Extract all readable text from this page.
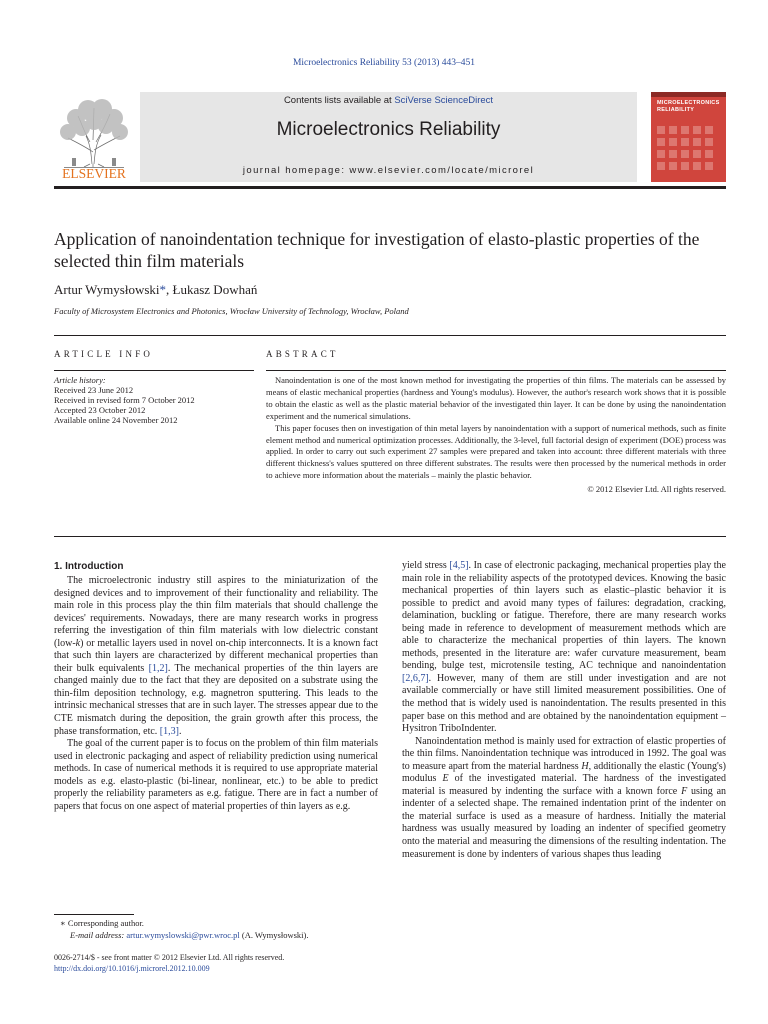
Microelectronics Reliability 53 (2013) 443–451
ELSEVIER
Contents lists available at SciVerse ScienceDirect
Microelectronics Reliability
journal homepage: www.elsevier.com/locate/microrel
MICROELECTRONICS
RELIABILITY
Application of nanoindentation technique for investigation of elasto-plastic properties of the selected thin film materials
Artur Wymysłowski*, Łukasz Dowhań
Faculty of Microsystem Electronics and Photonics, Wrocław University of Technology, Wrocław, Poland
ARTICLE INFO	ABSTRACT
Article history:
Received 23 June 2012
Received in revised form 7 October 2012
Accepted 23 October 2012
Available online 24 November 2012

Nanoindentation is one of the most known method for investigating the properties of thin films. The materials can be assessed by means of elastic mechanical properties (hardness and Young's modulus). However, the author's research work shows that it is possible to obtain the elastic as well as the plastic material behavior of the investigated thin layer. It can be done by using the nanoindentation experiment and the numerical simulations.

This paper focuses then on investigation of thin metal layers by nanoindentation with a support of numerical methods, such as finite element method and numerical optimization processes. Additionally, the 3-level, full factorial design of experiment (DOE) process was applied. In order to carry out such experiment 27 samples were prepared and taken into account: three different materials with three different thickness's values sputtered on three different substrates. The results were then processed by the numerical methods in order to achieve more information about the materials – mainly the plastic behavior.

© 2012 Elsevier Ltd. All rights reserved.
1. Introduction

The microelectronic industry still aspires to the miniaturization of the designed devices and to improvement of their functionality and reliability. The main role in this process play the thin film materials that should challenge the devices' requirements. Nowadays, there are many research works in progress referring the investigation of thin film materials with low dielectric constant (low-k) or metallic layers used in novel on-chip interconnects. It is a known fact that such thin layers are characterized by different mechanical properties than their bulk equivalents [1,2]. The mechanical properties of the thin layers are changed mainly due to the fact that they are deposited on a substrate using the thin-film deposition technology, e.g. magnetron sputtering. This leads to the intrinsic mechanical stresses that are in such layer. The stresses appear due to the CTE mismatch during the deposition, the grain growth after this process, the phase transformation, etc. [1,3].

The goal of the current paper is to focus on the problem of thin film materials used in electronic packaging and aspect of reliability prediction using numerical methods. In case of numerical methods it is required to use appropriate material models as e.g. elasto-plastic (bi-linear, nonlinear, etc.) to be able to predict properly the reliability parameters as e.g. fatigue. There are in fact a number of papers that focus on one aspect of material properties of thin layers as e.g.

yield stress [4,5]. In case of electronic packaging, mechanical properties play the main role in the reliability aspects of the prototyped devices. Knowing the basic mechanical properties of thin layers such as elastic–plastic behavior it is possible to predict and avoid many types of failures: degradation, cracking, delamination, buckling or fatigue. Therefore, there are many research works being made in reference to development of measurement methods which are able to characterize the mechanical properties of thin layers. The known methods, presented in the literature are: wafer curvature measurement, beam bending, bulge test, microtensile testing, AC technique and nanoindentation [2,6,7]. However, many of them are still under investigation and are not available commercially or have still limited measurement possibilities. One of the method that is widely used is nanoindentation. The results presented in this paper base on this method and are obtained by the nanoindentation equipment – Hysitron TriboIndenter.

Nanoindentation method is mainly used for extraction of elastic properties of the thin films. Nanoindentation technique was introduced in 1992. The goal was to measure apart from the material hardness H, additionally the elastic (Young's) modulus E of the investigated material. The hardness of the investigated material is measured by indenting the surface with a known force F using an indenter of a selected shape. The remained indentation print of the indenter on the material surface is used as a measure of hardness. Initially the material hardness was usually measured by loading an indenter of specified geometry onto the material and measuring the dimensions of the resulting indentation. The measurement is done by indenters of various shapes thus leading

∗ Corresponding author.
E-mail address: artur.wymyslowski@pwr.wroc.pl (A. Wymysłowski).
0026-2714/$ - see front matter © 2012 Elsevier Ltd. All rights reserved.
http://dx.doi.org/10.1016/j.microrel.2012.10.009
